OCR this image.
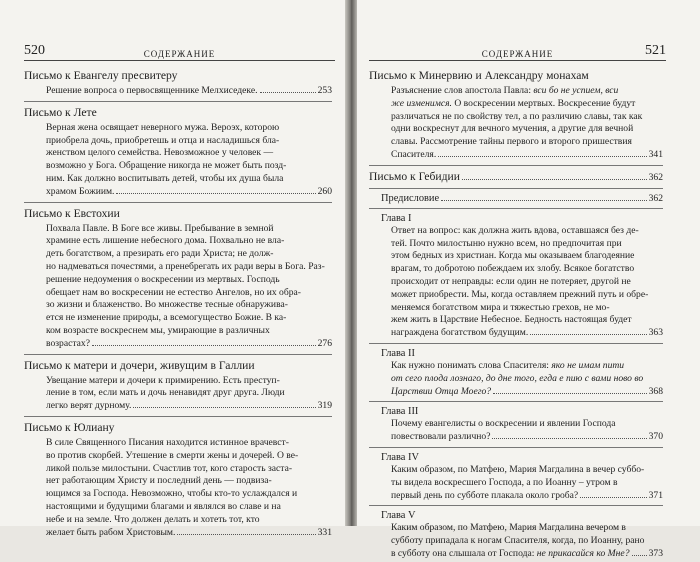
520	СОДЕРЖАНИЕ
Письмо к Евангелу пресвитеру
Решение вопроса о первосвященнике Мелхиседеке.	253
Письмо к Лете
Верная жена освящает неверного мужа. Вероэх, которою
приобрела дочь, приобретешь и отца и насладишься бла-
женством целого семейства. Невозможное у человек —
возможно у Бога. Обращение никогда не может быть позд-
ним. Как должно воспитывать детей, чтобы их душа была
храмом Божиим.	260
Письмо к Евстохии
Похвала Павле. В Боге все живы. Пребывание в земной
хрaмине есть лишение небесного дома. Похвально не вла-
деть богатством, а презирать его ради Христа; не долж-
но надмеваться почестями, а пренебрегать их ради веры в Бога. Раз-
решение недоумения о воскресении из мертвых. Господь
обещает нам во воскресении не естество Ангелов, но их обра-
зо жизни и блаженство. Во множестве тесные обнаружива-
ется не изменение природы, а всемогущество Божие. В ка-
ком возрасте воскреснем мы, умирающие в различных
возрастах?	276
Письмо к матери и дочери, живущим в Галлии
Увещание матери и дочери к примирению. Есть преступ-
ление в том, если мать и дочь ненавидят друг друга. Люди
легко верят дурному.	319
Письмо к Юлиану
В силе Священного Писания находится истинное врачевст-
во против скорбей. Утешение в смерти жены и дочерей. О ве-
ликой пользе милостыни. Счастлив тот, кого старость заста-
нет работающим Христу и последний день — подвиза-
ющимся за Господа. Невозможно, чтобы кто-то услаждался и
настоящими и будущими благами и являлся во славе и на
небе и на земле. Что должен делать и хотеть тот, кто
желает быть рабом Христовым.	331
СОДЕРЖАНИЕ	521
Письмо к Минервию и Александру монахам
Разъяснение слов апостола Павла: вси бо не успием, вси
же изменимся. О воскресении мертвых. Воскресение будут
различаться не по свойству тел, а по различию славы, так как
одни воскреснут для вечного мучения, а другие для вечной
славы. Рассмотрение тайны первого и второго пришествия
Спасителя.	341
Письмо к Гебидии	362
Предисловие	362
Глава I
Ответ на вопрос: как должна жить вдова, оставшаяся без де-
тей. Почто милостыню нужно всем, но предпочитая при
этом бедных из христиан. Когда мы оказываем благодеяние
врагам, то добротою побеждаем их злобу. Всякое богатство
происходит от неправды: если один не потеряет, другой не
может приобрести. Мы, когда оставляем прежний путь и обре-
меняемся богатством мира и тяжестью грехов, не мо-
жем жить в Царствие Небесное. Бедность настоящая будет
награждена богатством будущим.	363
Глава II
Как нужно понимать слова Спасителя: яко не имам пити
от сего плода лознаго, до дне того, егда е пию с вами ново во
Царствии Отца Моего?	368
Глава III
Почему евангелисты о воскресении и явлении Господа
повествовали различно?	370
Глава IV
Каким образом, по Матфею, Мария Магдалина в вечер суббо-
ты видела воскресшего Господа, а по Иоанну – утром в
первый день по субботе плакала около гроба?	371
Глава V
Каким образом, по Матфею, Мария Магдалина вечером в
субботу припадала к ногам Спасителя, когда, по Иоанну, рано
в субботу она слышала от Господа: не прикасайся ко Мне? 373
